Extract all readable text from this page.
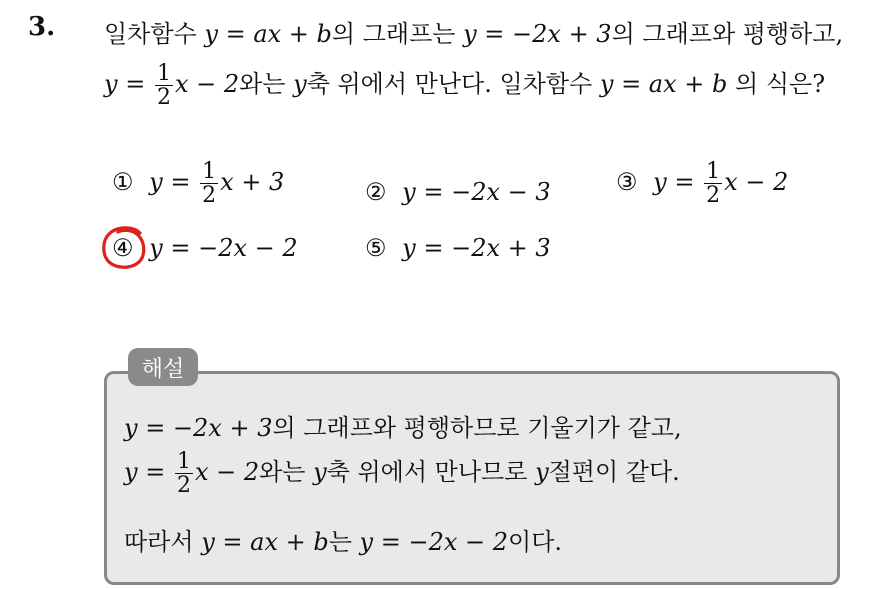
3. 일차함수 y = ax + b의 그래프는 y = −2x + 3의 그래프와 평행하고,
$y = \frac{1}{2}$ x − 2와는 y축 위에서 만난다. 일차함수 y = ax + b 의 식은?
① $y = \frac{1}{2}$ x + 3	② y = −2x − 3	③ $y = \frac{1}{2}$ x − 2
④ y = −2x − 2	⑤ y = −2x + 3
해설
y = −2x + 3의 그래프와 평행하므로 기울기가 같고,
$y = \frac{1}{2}$ x − 2와는 y축 위에서 만나므로 y절편이 같다.
따라서 y = ax + b는 y = −2x − 2이다.
